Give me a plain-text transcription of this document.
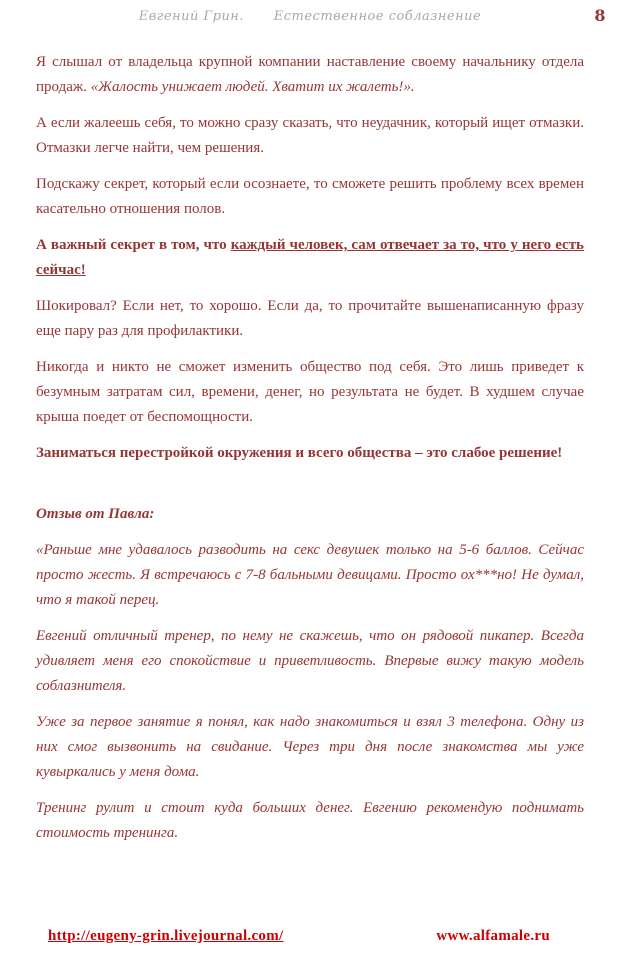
Евгений Грин. Естественное соблазнение	8

Я слышал от владельца крупной компании наставление своему начальнику отдела продаж. «Жалость унижает людей. Хватит их жалеть!».

А если жалеешь себя, то можно сразу сказать, что неудачник, который ищет отмазки. Отмазки легче найти, чем решения.

Подскажу секрет, который если осознаете, то сможете решить проблему всех времен касательно отношения полов.

А важный секрет в том, что каждый человек, сам отвечает за то, что у него есть сейчас!

Шокировал? Если нет, то хорошо. Если да, то прочитайте вышенаписанную фразу еще пару раз для профилактики.

Никогда и никто не сможет изменить общество под себя. Это лишь приведет к безумным затратам сил, времени, денег, но результата не будет. В худшем случае крыша поедет от беспомощности.

Заниматься перестройкой окружения и всего общества – это слабое решение!

Отзыв от Павла:

«Раньше мне удавалось разводить на секс девушек только на 5-6 баллов. Сейчас просто жесть. Я встречаюсь с 7-8 бальными девицами. Просто ох***но! Не думал, что я такой перец.

Евгений отличный тренер, по нему не скажешь, что он рядовой пикапер. Всегда удивляет меня его спокойствие и приветливость. Впервые вижу такую модель соблазнителя.

Уже за первое занятие я понял, как надо знакомиться и взял 3 телефона. Одну из них смог вызвонить на свидание. Через три дня после знакомства мы уже кувыркались у меня дома.

Тренинг рулит и стоит куда больших денег. Евгению рекомендую поднимать стоимость тренинга.

http://eugeny-grin.livejournal.com/	www.alfamale.ru
